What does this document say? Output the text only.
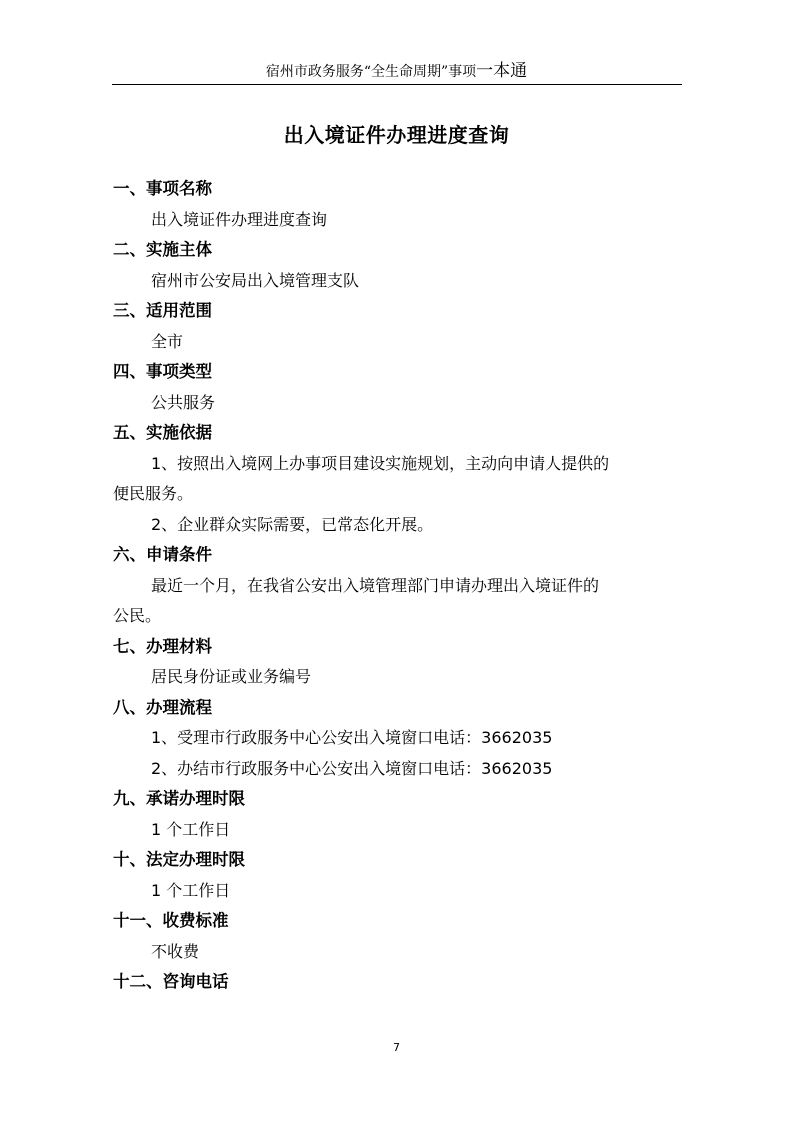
宿州市政务服务“全生命周期”事项一本通
出入境证件办理进度查询
一、事项名称
出入境证件办理进度查询
二、实施主体
宿州市公安局出入境管理支队
三、适用范围
全市
四、事项类型
公共服务
五、实施依据
1、按照出入境网上办事项目建设实施规划，主动向申请人提供的
便民服务。
2、企业群众实际需要，已常态化开展。
六、申请条件
最近一个月，在我省公安出入境管理部门申请办理出入境证件的
公民。
七、办理材料
居民身份证或业务编号
八、办理流程
1、受理市行政服务中心公安出入境窗口电话：3662035
2、办结市行政服务中心公安出入境窗口电话：3662035
九、承诺办理时限
1 个工作日
十、法定办理时限
1 个工作日
十一、收费标准
不收费
十二、咨询电话
7
